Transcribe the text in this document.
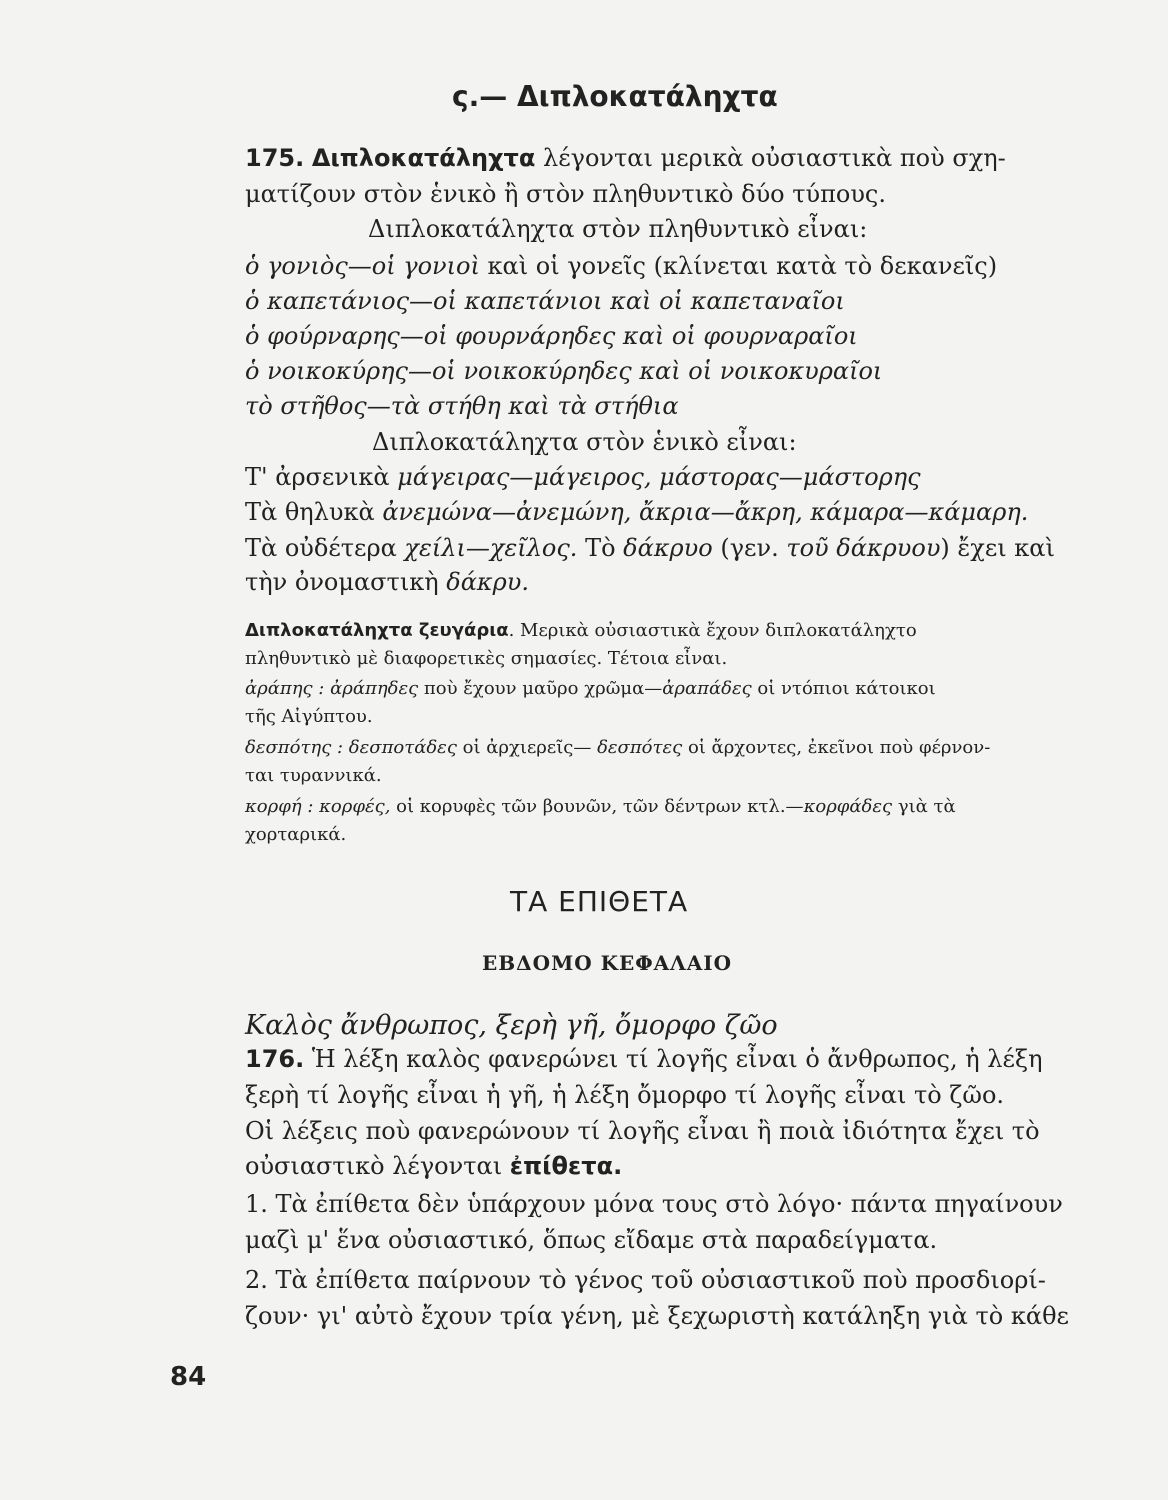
ς.— Διπλοκατάληχτα
175. Διπλοκατάληχτα λέγονται μερικὰ οὐσιαστικὰ ποὺ σχη-
ματίζουν στὸν ἑνικὸ ἢ στὸν πληθυντικὸ δύο τύπους.
Διπλοκατάληχτα στὸν πληθυντικὸ εἶναι:
ὁ γονιὸς—οἱ γονιοὶ καὶ οἱ γονεῖς (κλίνεται κατὰ τὸ δεκανεῖς)
ὁ καπετάνιος—οἱ καπετάνιοι καὶ οἱ καπεταναῖοι
ὁ φούρναρης—οἱ φουρνάρηδες καὶ οἱ φουρναραῖοι
ὁ νοικοκύρης—οἱ νοικοκύρηδες καὶ οἱ νοικοκυραῖοι
τὸ στῆθος—τὰ στήθη καὶ τὰ στήθια
Διπλοκατάληχτα στὸν ἑνικὸ εἶναι:
Τ' ἀρσενικὰ μάγειρας—μάγειρος, μάστορας—μάστορης
Τὰ θηλυκὰ ἀνεμώνα—ἀνεμώνη, ἄκρια—ἄκρη, κάμαρα—κάμαρη.
Τὰ οὐδέτερα χείλι—χεῖλος. Τὸ δάκρυο (γεν. τοῦ δάκρυου) ἔχει καὶ
τὴν ὀνομαστικὴ δάκρυ.
Διπλοκατάληχτα ζευγάρια. Μερικὰ οὐσιαστικὰ ἔχουν διπλοκατάληχτο
πληθυντικὸ μὲ διαφορετικὲς σημασίες. Τέτοια εἶναι.
ἀράπης : ἀράπηδες ποὺ ἔχουν μαῦρο χρῶμα—ἀραπάδες οἱ ντόπιοι κάτοικοι
τῆς Αἰγύπτου.
δεσπότης : δεσποτάδες οἱ ἀρχιερεῖς— δεσπότες οἱ ἄρχοντες, ἐκεῖνοι ποὺ φέρνον-
ται τυραννικά.
κορφή : κορφές, οἱ κορυφὲς τῶν βουνῶν, τῶν δέντρων κτλ.—κορφάδες γιὰ τὰ
χορταρικά.
ΤΑ ΕΠΙΘΕΤΑ
ΕΒΔΟΜΟ ΚΕΦΑΛΑΙΟ
Καλὸς ἄνθρωπος, ξερὴ γῆ, ὄμορφο ζῶο
176. Ἡ λέξη καλὸς φανερώνει τί λογῆς εἶναι ὁ ἄνθρωπος, ἡ λέξη
ξερὴ τί λογῆς εἶναι ἡ γῆ, ἡ λέξη ὄμορφο τί λογῆς εἶναι τὸ ζῶο.
Οἱ λέξεις ποὺ φανερώνουν τί λογῆς εἶναι ἢ ποιὰ ἰδιότητα ἔχει τὸ
οὐσιαστικὸ λέγονται ἐπίθετα.
1. Τὰ ἐπίθετα δὲν ὑπάρχουν μόνα τους στὸ λόγο· πάντα πηγαίνουν
μαζὶ μ' ἕνα οὐσιαστικό, ὅπως εἴδαμε στὰ παραδείγματα.
2. Τὰ ἐπίθετα παίρνουν τὸ γένος τοῦ οὐσιαστικοῦ ποὺ προσδιορί-
ζουν· γι' αὐτὸ ἔχουν τρία γένη, μὲ ξεχωριστὴ κατάληξη γιὰ τὸ κάθε
84
